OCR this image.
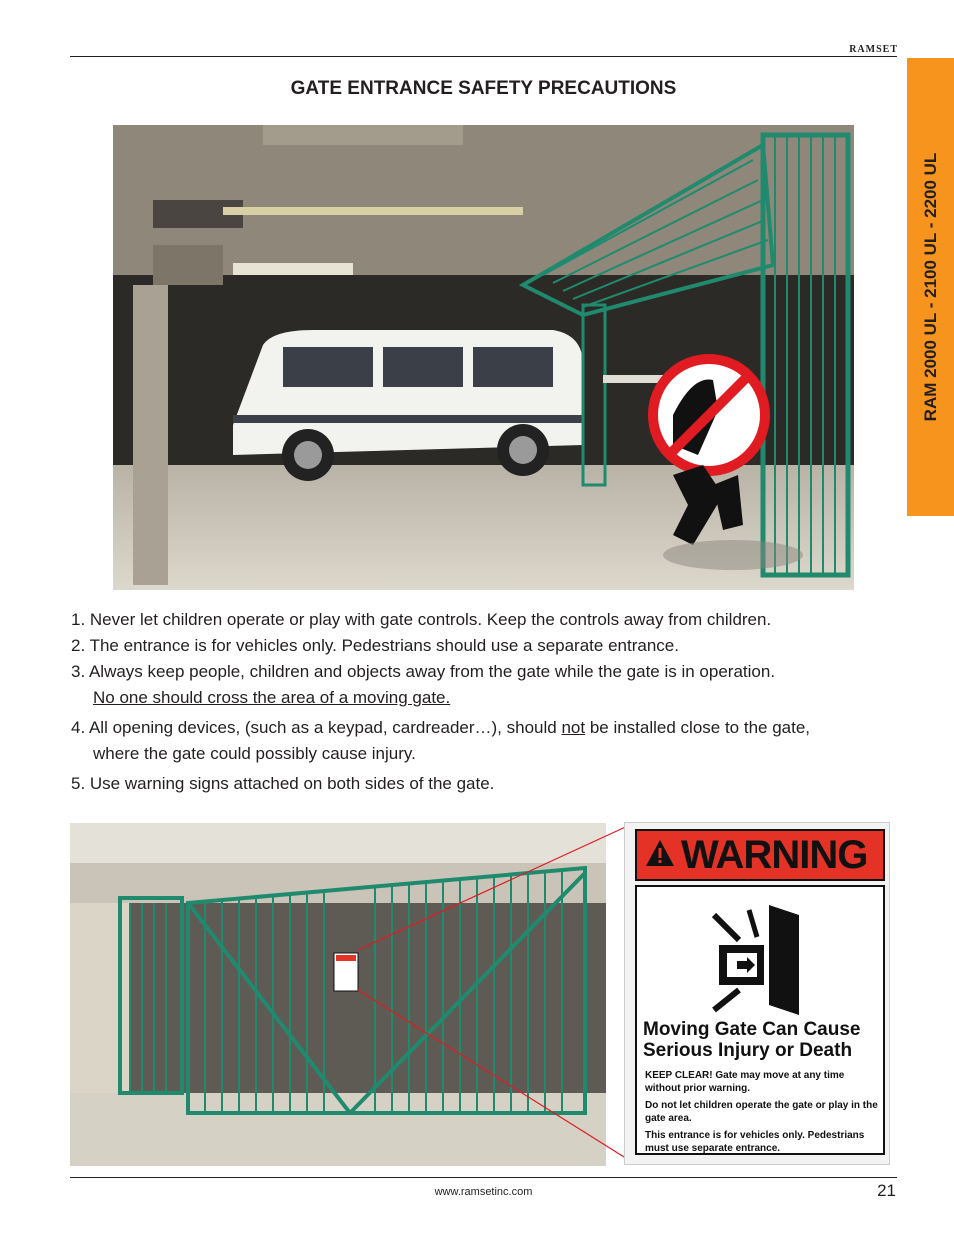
RAMSET
RAM 2000 UL - 2100 UL - 2200 UL
GATE ENTRANCE SAFETY PRECAUTIONS
1. Never let children operate or play with gate controls. Keep the controls away from children.
2. The entrance is for vehicles only. Pedestrians should use a separate entrance.
3. Always keep people, children and objects away from the gate while the gate is in operation.
No one should cross the area of a moving gate.
4. All opening devices, (such as a keypad, cardreader…), should not be installed close to the gate,
where the gate could possibly cause injury.
5. Use warning signs attached on both sides of the gate.
WARNING
Moving Gate Can Cause Serious Injury or Death
KEEP CLEAR! Gate may move at any time without prior warning.
Do not let children operate the gate or play in the gate area.
This entrance is for vehicles only. Pedestrians must use separate entrance.
www.ramsetinc.com	21
